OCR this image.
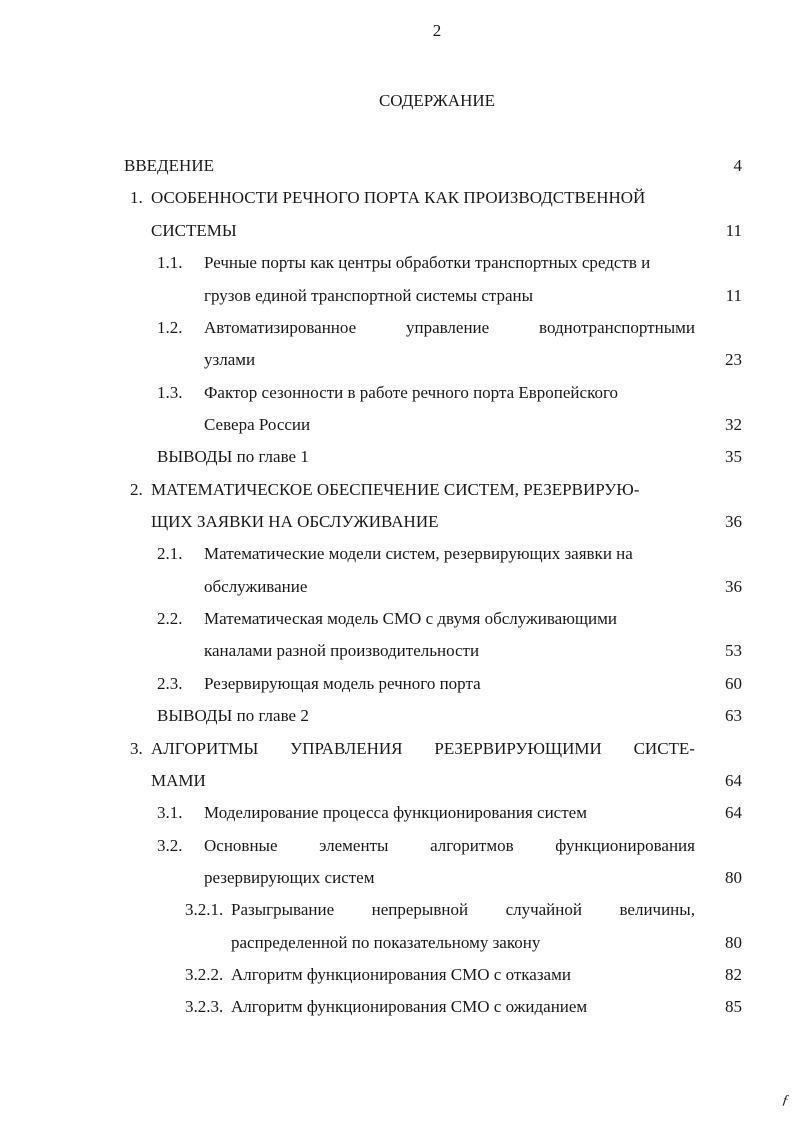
2
СОДЕРЖАНИЕ
ВВЕДЕНИЕ	4
1. ОСОБЕННОСТИ РЕЧНОГО ПОРТА КАК ПРОИЗВОДСТВЕННОЙ
СИСТЕМЫ	11
1.1. Речные порты как центры обработки транспортных средств и
грузов единой транспортной системы страны	11
1.2. Автоматизированное	управление	воднотранспортными
узлами	23
1.3. Фактор сезонности в работе речного порта Европейского
Севера России	32
ВЫВОДЫ по главе 1	35
2. МАТЕМАТИЧЕСКОЕ ОБЕСПЕЧЕНИЕ СИСТЕМ, РЕЗЕРВИРУЮ-
ЩИХ ЗАЯВКИ НА ОБСЛУЖИВАНИЕ	36
2.1. Математические модели систем, резервирующих заявки на
обслуживание	36
2.2. Математическая модель СМО с двумя обслуживающими
каналами разной производительности	53
2.3. Резервирующая модель речного порта	60
ВЫВОДЫ по главе 2	63
3. АЛГОРИТМЫ УПРАВЛЕНИЯ РЕЗЕРВИРУЮЩИМИ СИСТЕ-
МАМИ	64
3.1. Моделирование процесса функционирования систем	64
3.2. Основные элементы алгоритмов функционирования
резервирующих систем	80
3.2.1. Разыгрывание непрерывной случайной величины,
распределенной по показательному закону	80
3.2.2. Алгоритм функционирования СМО с отказами	82
3.2.3. Алгоритм функционирования СМО с ожиданием	85
ƒ
